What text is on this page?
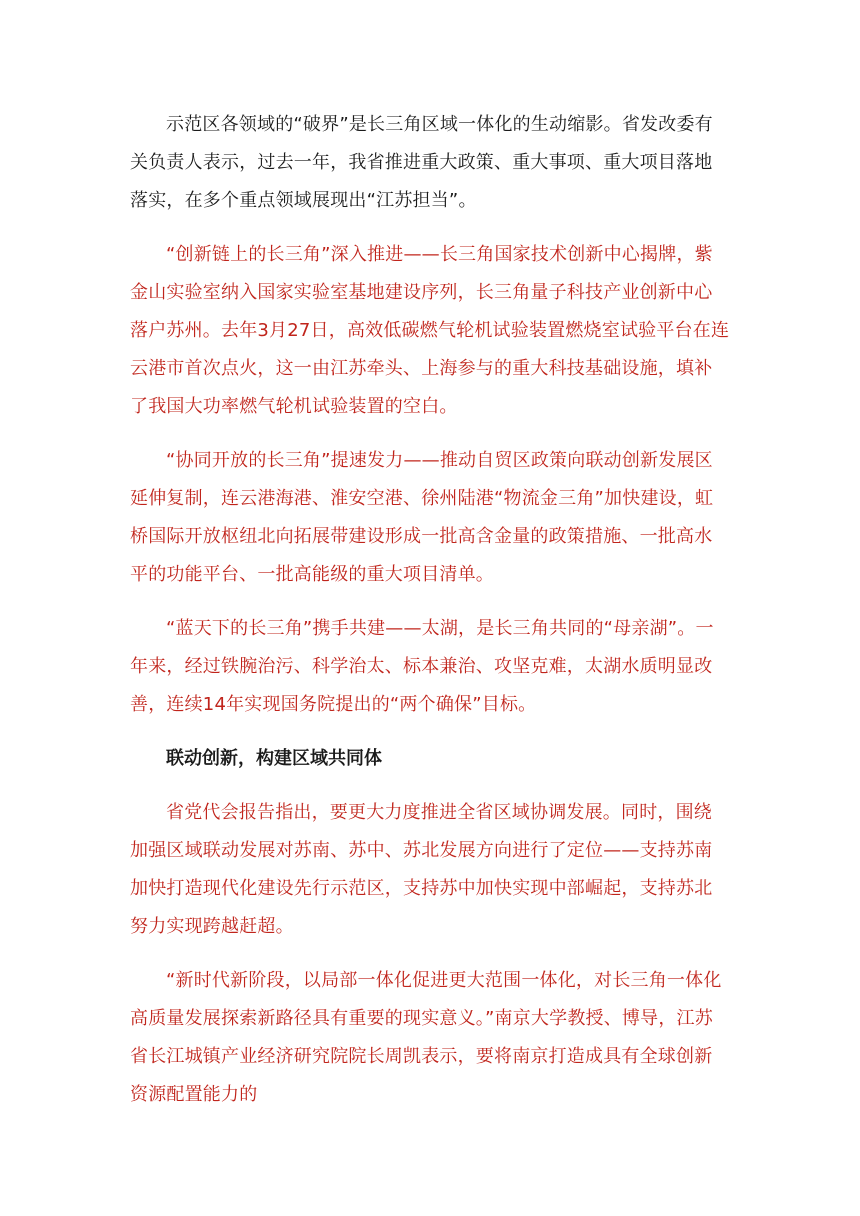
示范区各领域的“破界”是长三角区域一体化的生动缩影。省发改委有关负责人表示，过去一年，我省推进重大政策、重大事项、重大项目落地落实，在多个重点领域展现出“江苏担当”。

“创新链上的长三角”深入推进——长三角国家技术创新中心揭牌，紫金山实验室纳入国家实验室基地建设序列，长三角量子科技产业创新中心落户苏州。去年3月27日，高效低碳燃气轮机试验装置燃烧室试验平台在连云港市首次点火，这一由江苏牵头、上海参与的重大科技基础设施，填补了我国大功率燃气轮机试验装置的空白。

“协同开放的长三角”提速发力——推动自贸区政策向联动创新发展区延伸复制，连云港海港、淮安空港、徐州陆港“物流金三角”加快建设，虹桥国际开放枢纽北向拓展带建设形成一批高含金量的政策措施、一批高水平的功能平台、一批高能级的重大项目清单。

“蓝天下的长三角”携手共建——太湖，是长三角共同的“母亲湖”。一年来，经过铁腕治污、科学治太、标本兼治、攻坚克难，太湖水质明显改善，连续14年实现国务院提出的“两个确保”目标。

联动创新，构建区域共同体

省党代会报告指出，要更大力度推进全省区域协调发展。同时，围绕加强区域联动发展对苏南、苏中、苏北发展方向进行了定位——支持苏南加快打造现代化建设先行示范区，支持苏中加快实现中部崛起，支持苏北努力实现跨越赶超。

“新时代新阶段，以局部一体化促进更大范围一体化，对长三角一体化高质量发展探索新路径具有重要的现实意义。”南京大学教授、博导，江苏省长江城镇产业经济研究院院长周凯表示，要将南京打造成具有全球创新资源配置能力的
